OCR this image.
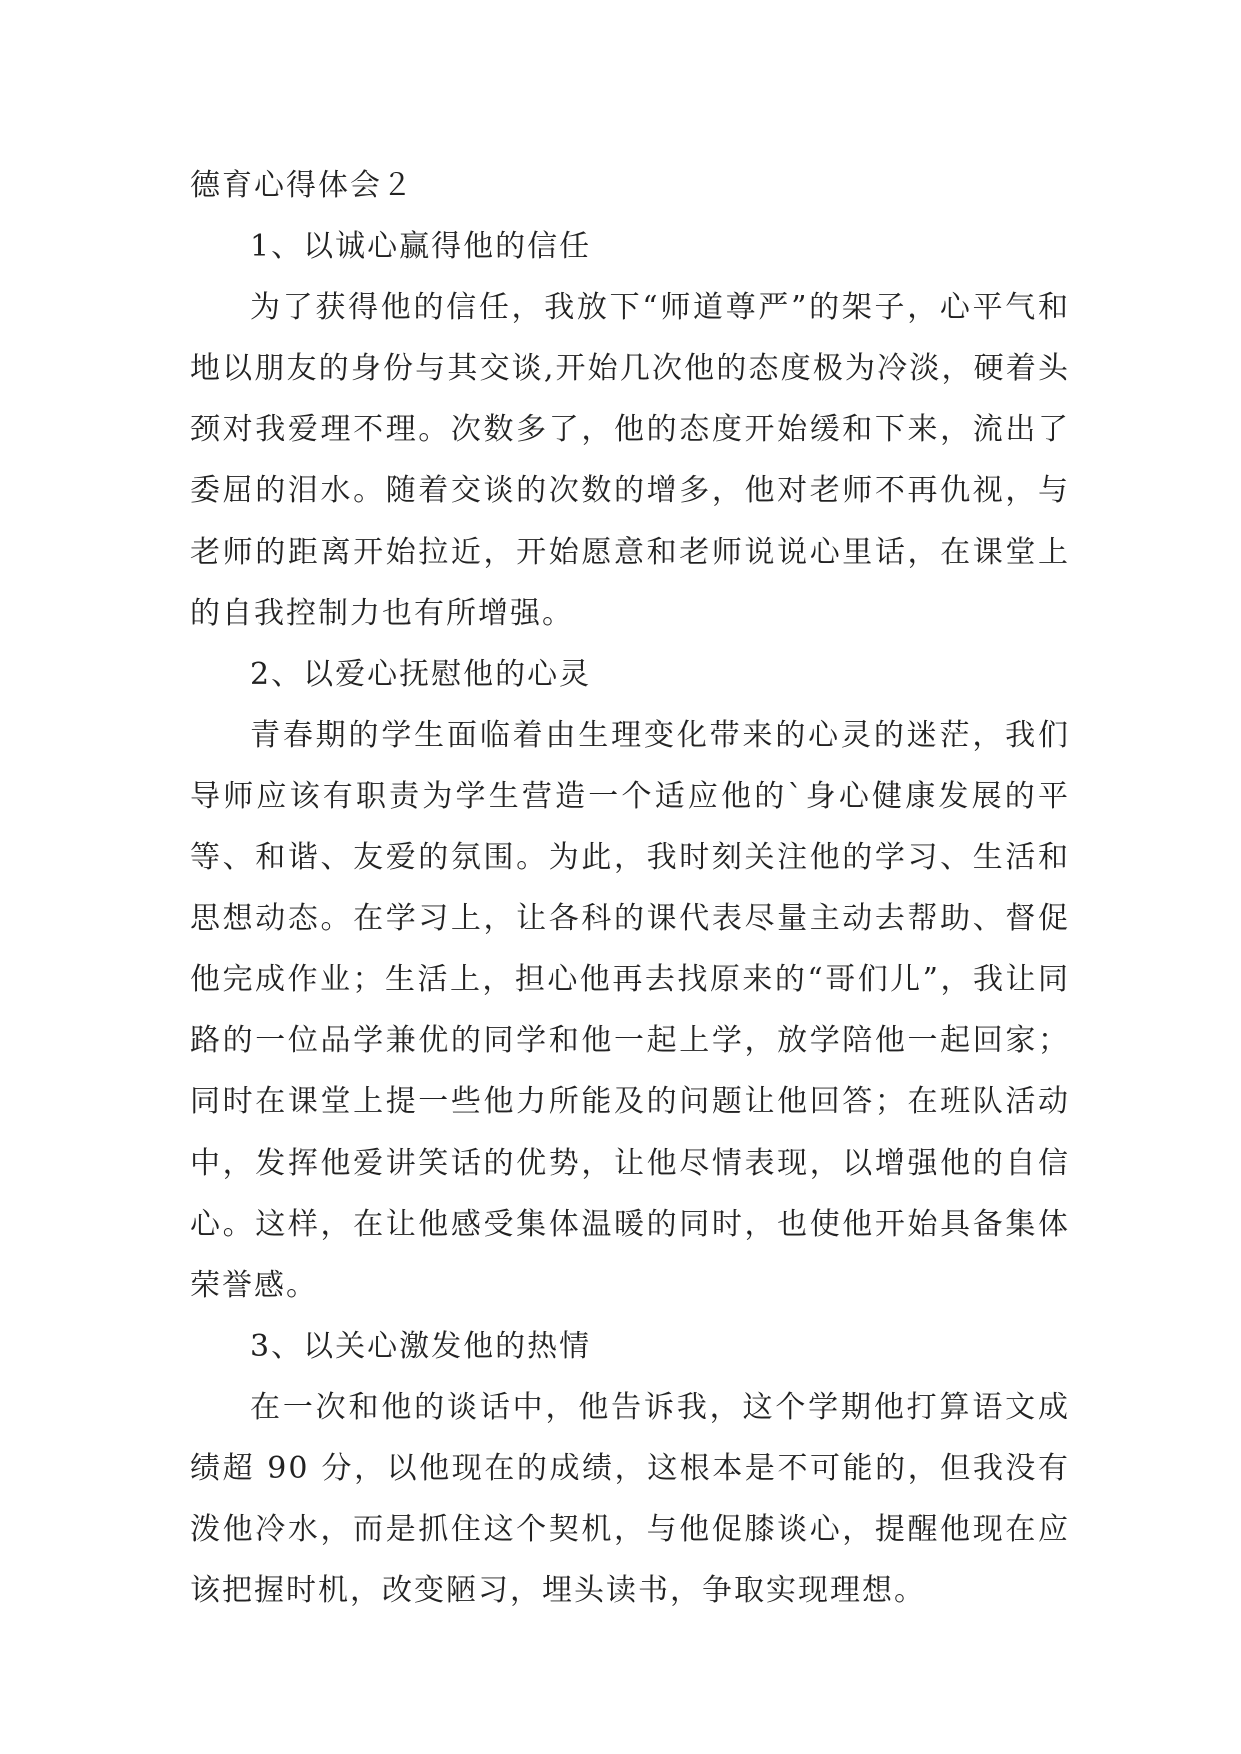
德育心得体会２

1、以诚心赢得他的信任

为了获得他的信任，我放下“师道尊严”的架子，心平气和地以朋友的身份与其交谈,开始几次他的态度极为冷淡，硬着头颈对我爱理不理。次数多了，他的态度开始缓和下来，流出了委屈的泪水。随着交谈的次数的增多，他对老师不再仇视，与老师的距离开始拉近，开始愿意和老师说说心里话，在课堂上的自我控制力也有所增强。

2、以爱心抚慰他的心灵

青春期的学生面临着由生理变化带来的心灵的迷茫，我们导师应该有职责为学生营造一个适应他的`身心健康发展的平等、和谐、友爱的氛围。为此，我时刻关注他的学习、生活和思想动态。在学习上，让各科的课代表尽量主动去帮助、督促他完成作业；生活上，担心他再去找原来的“哥们儿”，我让同路的一位品学兼优的同学和他一起上学，放学陪他一起回家；同时在课堂上提一些他力所能及的问题让他回答；在班队活动中，发挥他爱讲笑话的优势，让他尽情表现，以增强他的自信心。这样，在让他感受集体温暖的同时，也使他开始具备集体荣誉感。

3、以关心激发他的热情

在一次和他的谈话中，他告诉我，这个学期他打算语文成绩超 90 分，以他现在的成绩，这根本是不可能的，但我没有泼他冷水，而是抓住这个契机，与他促膝谈心，提醒他现在应该把握时机，改变陋习，埋头读书，争取实现理想。
